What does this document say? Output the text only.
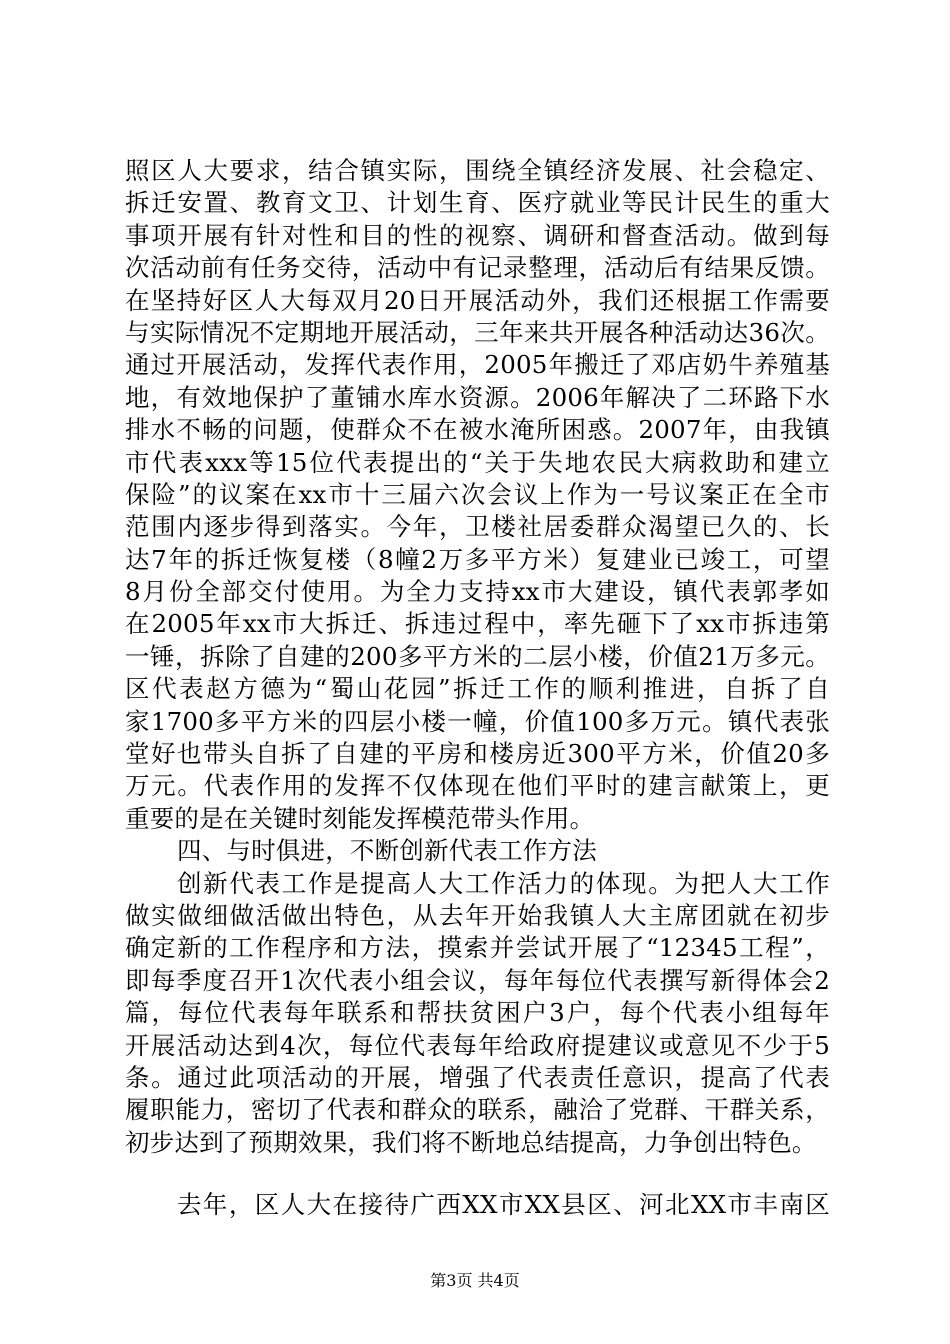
照区人大要求，结合镇实际，围绕全镇经济发展、社会稳定、
拆迁安置、教育文卫、计划生育、医疗就业等民计民生的重大
事项开展有针对性和目的性的视察、调研和督查活动。做到每
次活动前有任务交待，活动中有记录整理，活动后有结果反馈。
在坚持好区人大每双月20日开展活动外，我们还根据工作需要
与实际情况不定期地开展活动，三年来共开展各种活动达36次。
通过开展活动，发挥代表作用，2005年搬迁了邓店奶牛养殖基
地，有效地保护了董铺水库水资源。2006年解决了二环路下水
排水不畅的问题，使群众不在被水淹所困惑。2007年，由我镇
市代表xxx等15位代表提出的“关于失地农民大病救助和建立
保险”的议案在xx市十三届六次会议上作为一号议案正在全市
范围内逐步得到落实。今年，卫楼社居委群众渴望已久的、长
达7年的拆迁恢复楼（8幢2万多平方米）复建业已竣工，可望
8月份全部交付使用。为全力支持xx市大建设，镇代表郭孝如
在2005年xx市大拆迁、拆违过程中，率先砸下了xx市拆违第
一锤，拆除了自建的200多平方米的二层小楼，价值21万多元。
区代表赵方德为“蜀山花园”拆迁工作的顺利推进，自拆了自
家1700多平方米的四层小楼一幢，价值100多万元。镇代表张
堂好也带头自拆了自建的平房和楼房近300平方米，价值20多
万元。代表作用的发挥不仅体现在他们平时的建言献策上，更
重要的是在关键时刻能发挥模范带头作用。
四、与时俱进，不断创新代表工作方法
创新代表工作是提高人大工作活力的体现。为把人大工作
做实做细做活做出特色，从去年开始我镇人大主席团就在初步
确定新的工作程序和方法，摸索并尝试开展了“12345工程”，
即每季度召开1次代表小组会议，每年每位代表撰写新得体会2
篇，每位代表每年联系和帮扶贫困户3户，每个代表小组每年
开展活动达到4次，每位代表每年给政府提建议或意见不少于5
条。通过此项活动的开展，增强了代表责任意识，提高了代表
履职能力，密切了代表和群众的联系，融洽了党群、干群关系，
初步达到了预期效果，我们将不断地总结提高，力争创出特色。
去年，区人大在接待广西XX市XX县区、河北XX市丰南区
第3页 共4页
